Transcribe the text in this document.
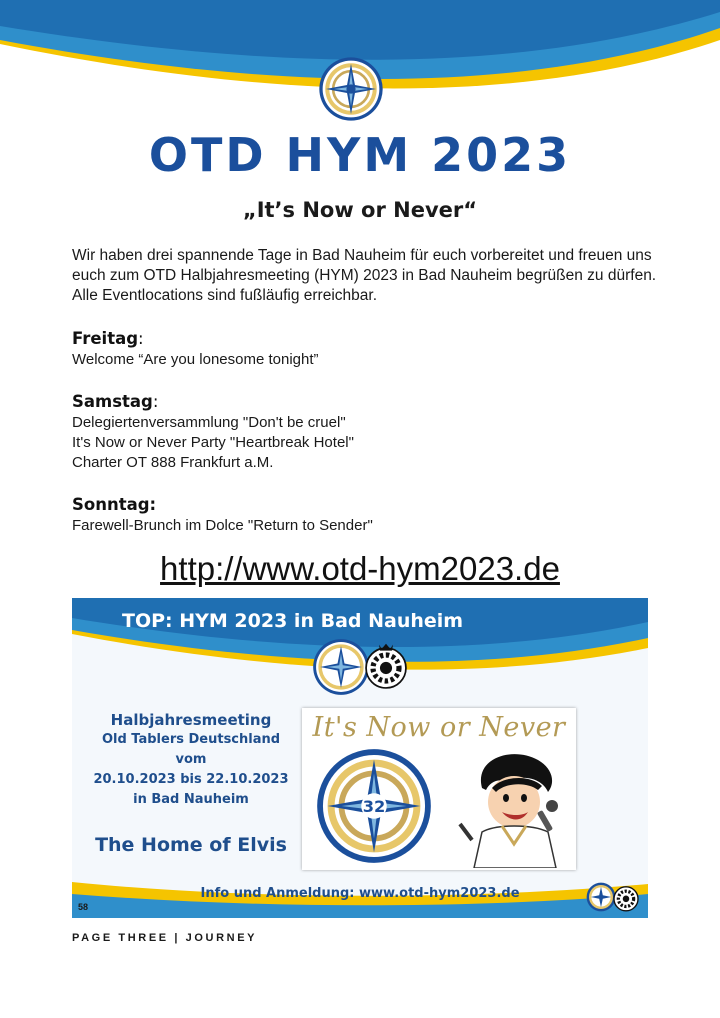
OTD HYM 2023
„It’s Now or Never“

Wir haben drei spannende Tage in Bad Nauheim für euch vorbereitet und freuen uns euch zum OTD Halbjahresmeeting (HYM) 2023 in Bad Nauheim begrüßen zu dürfen. Alle Eventlocations sind fußläufig erreichbar.

Freitag:

Welcome “Are you lonesome tonight”

Samstag:

Delegiertenversammlung "Don't be cruel"

It's Now or Never Party "Heartbreak Hotel"

Charter OT 888 Frankfurt a.M.

Sonntag:

Farewell-Brunch im Dolce "Return to Sender"

http://www.otd-hym2023.de

TOP: HYM 2023 in Bad Nauheim

Halbjahresmeeting

Old Tablers Deutschland

vom

20.10.2023 bis 22.10.2023

in Bad Nauheim

The Home of Elvis

It's Now or Never

32

Info und Anmeldung: www.otd-hym2023.de

58

PAGE THREE | JOURNEY
